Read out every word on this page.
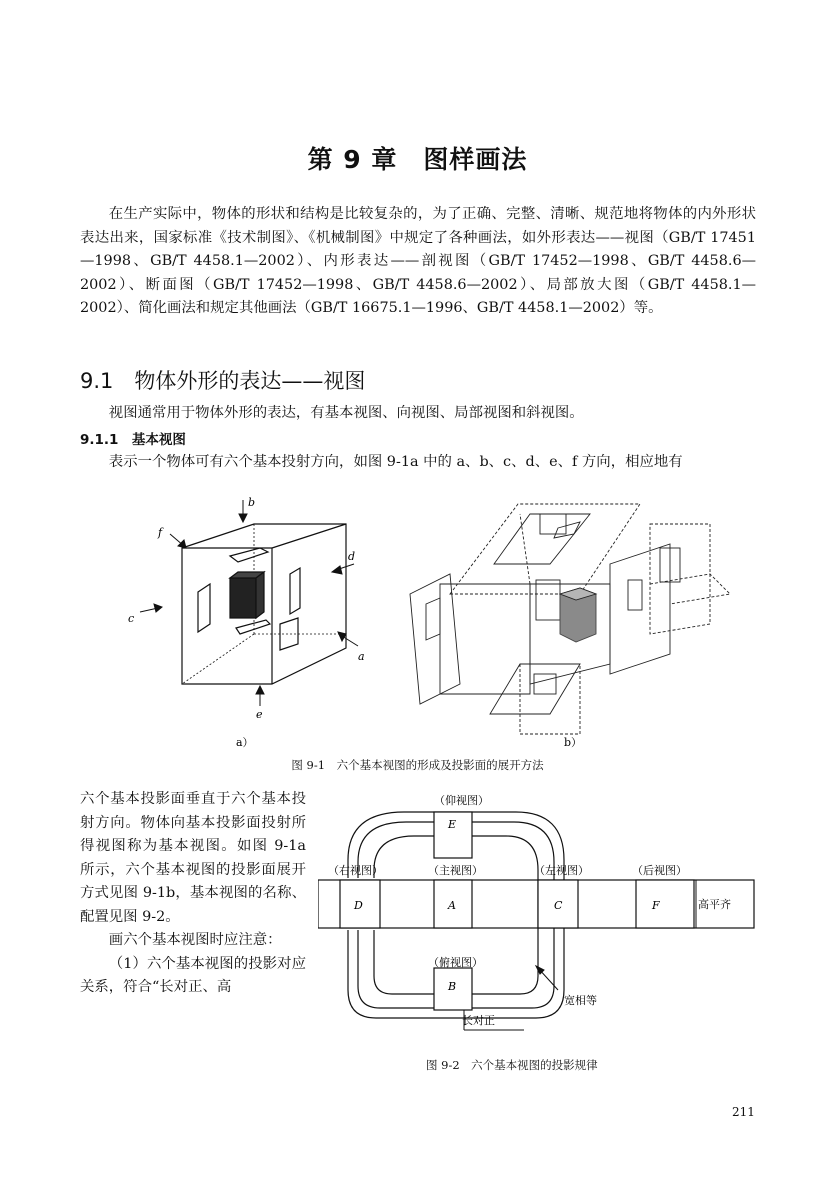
第 9 章　图样画法

在生产实际中，物体的形状和结构是比较复杂的，为了正确、完整、清晰、规范地将物体的内外形状表达出来，国家标准《技术制图》、《机械制图》中规定了各种画法，如外形表达——视图（GB/T 17451—1998、GB/T 4458.1—2002）、内形表达——剖视图（GB/T 17452—1998、GB/T 4458.6—2002）、断面图（GB/T 17452—1998、GB/T 4458.6—2002）、局部放大图（GB/T 4458.1—2002）、简化画法和规定其他画法（GB/T 16675.1—1996、GB/T 4458.1—2002）等。

9.1　物体外形的表达——视图

视图通常用于物体外形的表达，有基本视图、向视图、局部视图和斜视图。

9.1.1　基本视图

表示一个物体可有六个基本投射方向，如图 9-1a 中的 a、b、c、d、e、f 方向，相应地有

b
f
d
c
a
e
a）	b）
图 9-1　六个基本视图的形成及投影面的展开方法

六个基本投影面垂直于六个基本投射方向。物体向基本投影面投射所得视图称为基本视图。如图 9-1a 所示，六个基本视图的投影面展开方式见图 9-1b，基本视图的名称、配置见图 9-2。

画六个基本视图时应注意：

（1）六个基本视图的投影对应关系，符合“长对正、高

（仰视图）
（右视图）	（主视图）	（左视图）	（后视图）
（俯视图）
E
D	A	C	F
B
高平齐
宽相等
长对正
图 9-2　六个基本视图的投影规律
211
